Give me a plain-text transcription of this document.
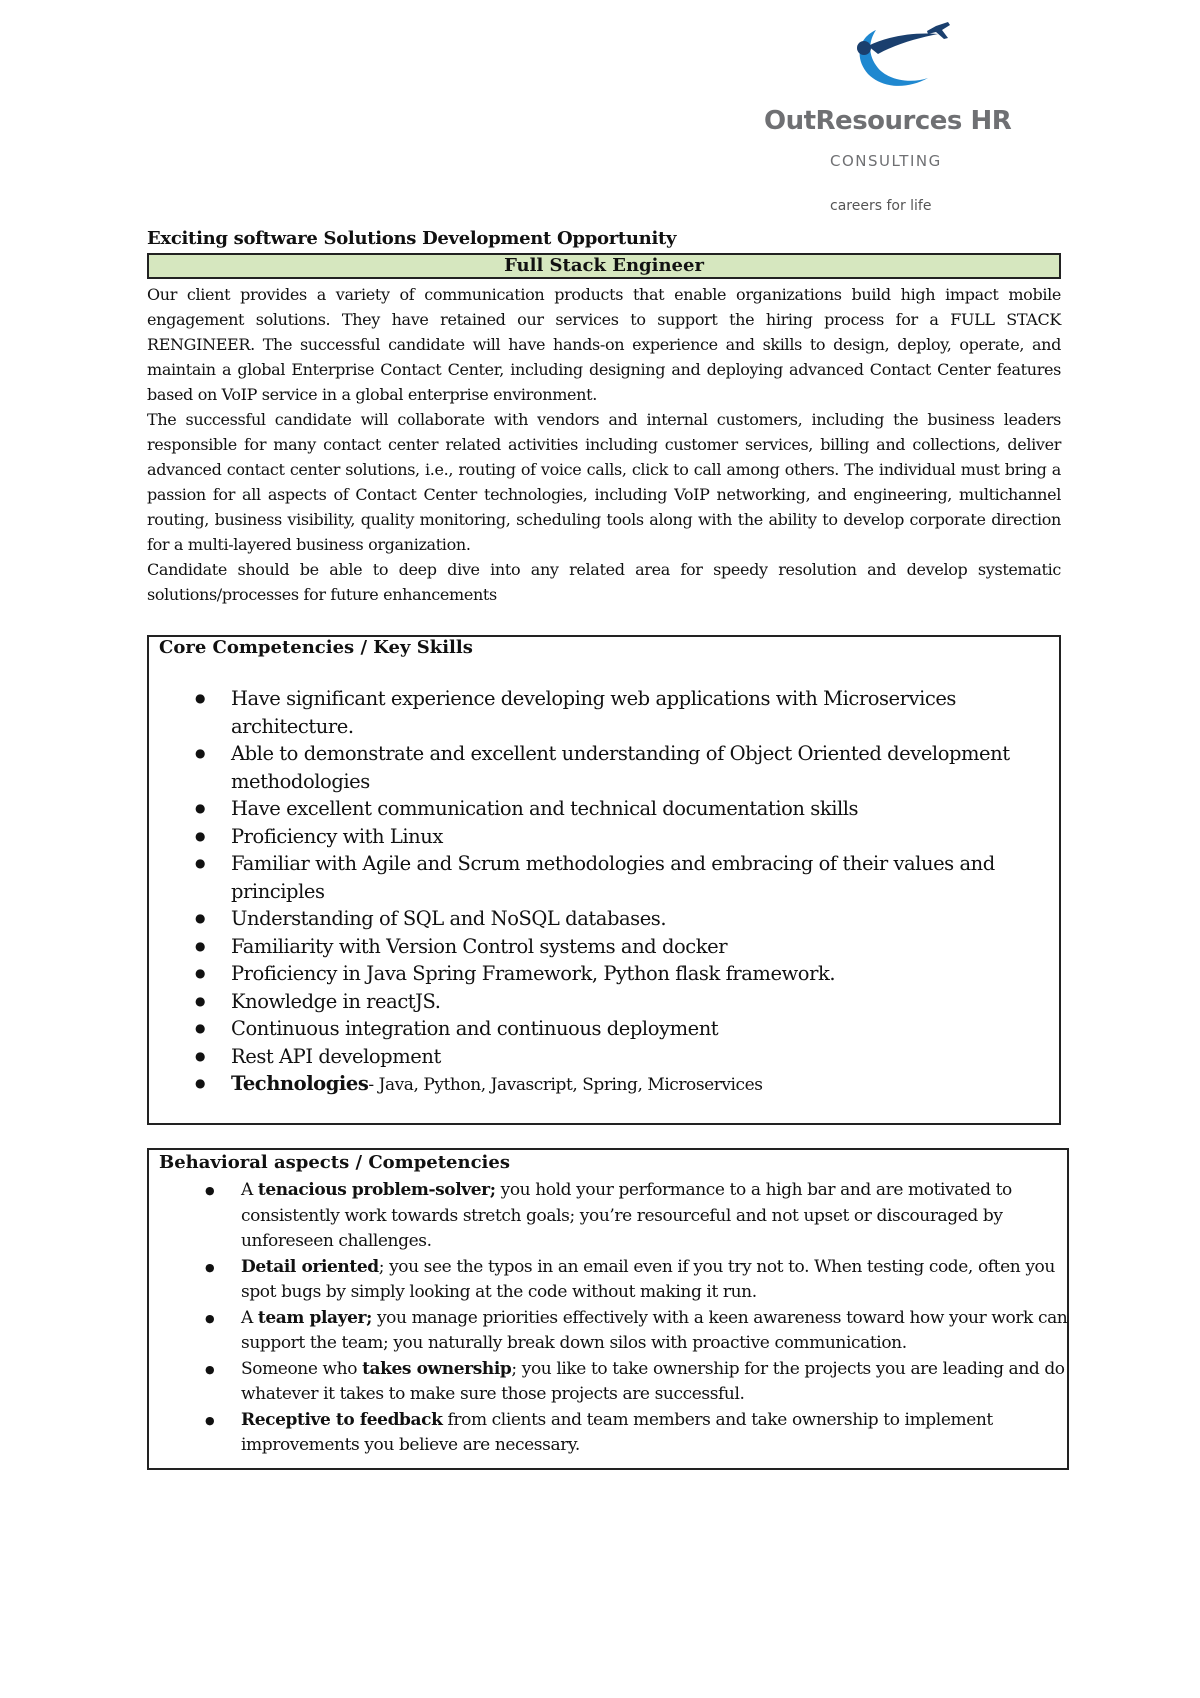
OutResources HR
CONSULTING
careers for life
Exciting software Solutions Development Opportunity
Full Stack Engineer

Our client provides a variety of communication products that enable organizations build high impact mobile engagement solutions. They have retained our services to support the hiring process for a FULL STACK RENGINEER. The successful candidate will have hands-on experience and skills to design, deploy, operate, and maintain a global Enterprise Contact Center, including designing and deploying advanced Contact Center features based on VoIP service in a global enterprise environment.

The successful candidate will collaborate with vendors and internal customers, including the business leaders responsible for many contact center related activities including customer services, billing and collections, deliver advanced contact center solutions, i.e., routing of voice calls, click to call among others. The individual must bring a passion for all aspects of Contact Center technologies, including VoIP networking, and engineering, multichannel routing, business visibility, quality monitoring, scheduling tools along with the ability to develop corporate direction for a multi-layered business organization.

Candidate should be able to deep dive into any related area for speedy resolution and develop systematic solutions/processes for future enhancements

Core Competencies / Key Skills
● Have significant experience developing web applications with Microservices architecture.
● Able to demonstrate and excellent understanding of Object Oriented development methodologies
● Have excellent communication and technical documentation skills
● Proficiency with Linux
● Familiar with Agile and Scrum methodologies and embracing of their values and principles
● Understanding of SQL and NoSQL databases.
● Familiarity with Version Control systems and docker
● Proficiency in Java Spring Framework, Python flask framework.
● Knowledge in reactJS.
● Continuous integration and continuous deployment
● Rest API development
● Technologies- Java, Python, Javascript, Spring, Microservices
Behavioral aspects / Competencies
● A tenacious problem-solver; you hold your performance to a high bar and are motivated to consistently work towards stretch goals; you’re resourceful and not upset or discouraged by unforeseen challenges.
● Detail oriented; you see the typos in an email even if you try not to. When testing code, often you spot bugs by simply looking at the code without making it run.
● A team player; you manage priorities effectively with a keen awareness toward how your work can support the team; you naturally break down silos with proactive communication.
● Someone who takes ownership; you like to take ownership for the projects you are leading and do whatever it takes to make sure those projects are successful.
● Receptive to feedback from clients and team members and take ownership to implement improvements you believe are necessary.
